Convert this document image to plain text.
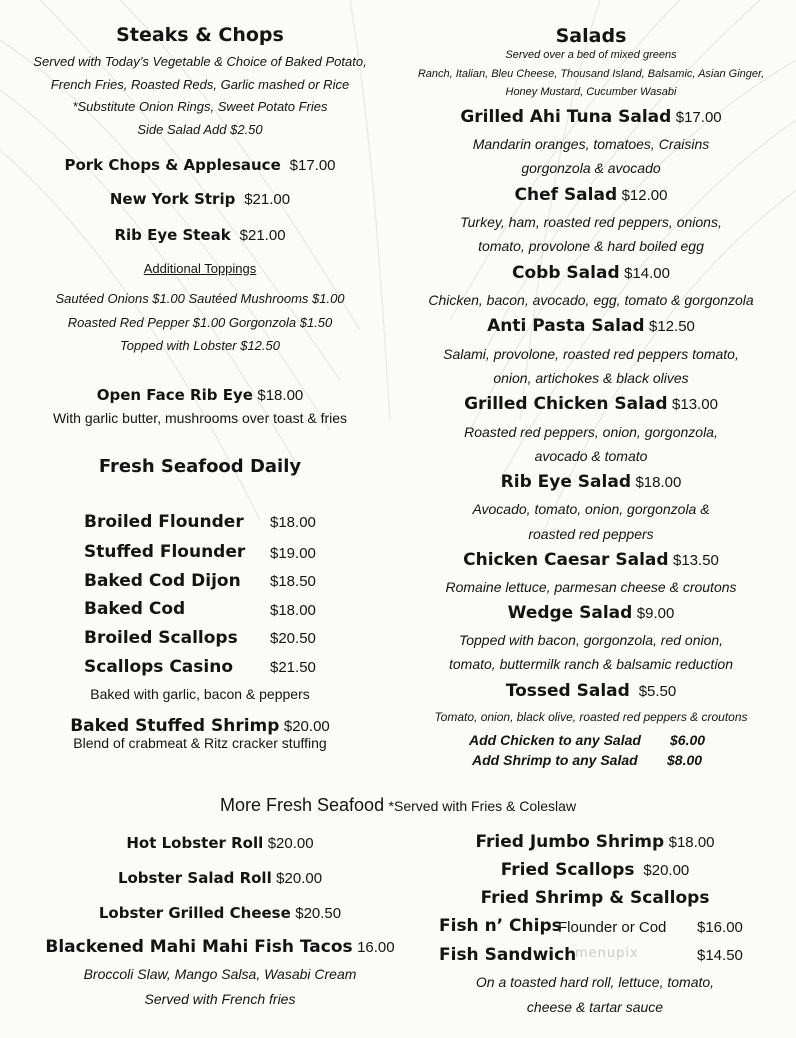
Steaks & Chops
Served with Today’s Vegetable & Choice of Baked Potato,
French Fries, Roasted Reds, Garlic mashed or Rice
*Substitute Onion Rings, Sweet Potato Fries
Side Salad Add $2.50
Pork Chops & Applesauce $17.00
New York Strip $21.00
Rib Eye Steak $21.00
Additional Toppings
Sautéed Onions $1.00 Sautéed Mushrooms $1.00
Roasted Red Pepper $1.00 Gorgonzola $1.50
Topped with Lobster $12.50
Open Face Rib Eye $18.00
With garlic butter, mushrooms over toast & fries
Fresh Seafood Daily
Broiled Flounder $18.00
Stuffed Flounder $19.00
Baked Cod Dijon $18.50
Baked Cod	$18.00
Broiled Scallops $20.50
Scallops Casino $21.50
Baked with garlic, bacon & peppers
Baked Stuffed Shrimp $20.00
Blend of crabmeat & Ritz cracker stuffing
Salads
Served over a bed of mixed greens
Ranch, Italian, Bleu Cheese, Thousand Island, Balsamic, Asian Ginger,
Honey Mustard, Cucumber Wasabi
Grilled Ahi Tuna Salad $17.00
Mandarin oranges, tomatoes, Craisins
gorgonzola & avocado
Chef Salad $12.00
Turkey, ham, roasted red peppers, onions,
tomato, provolone & hard boiled egg
Cobb Salad $14.00
Chicken, bacon, avocado, egg, tomato & gorgonzola
Anti Pasta Salad $12.50
Salami, provolone, roasted red peppers tomato,
onion, artichokes & black olives
Grilled Chicken Salad $13.00
Roasted red peppers, onion, gorgonzola,
avocado & tomato
Rib Eye Salad $18.00
Avocado, tomato, onion, gorgonzola &
roasted red peppers
Chicken Caesar Salad $13.50
Romaine lettuce, parmesan cheese & croutons
Wedge Salad $9.00
Topped with bacon, gorgonzola, red onion,
tomato, buttermilk ranch & balsamic reduction
Tossed Salad $5.50
Tomato, onion, black olive, roasted red peppers & croutons
Add Chicken to any Salad $6.00
Add Shrimp to any Salad $8.00
More Fresh Seafood *Served with Fries & Coleslaw
Hot Lobster Roll $20.00
Lobster Salad Roll $20.00
Lobster Grilled Cheese $20.50
Blackened Mahi Mahi Fish Tacos 16.00
Broccoli Slaw, Mango Salsa, Wasabi Cream
Served with French fries
Fried Jumbo Shrimp $18.00
Fried Scallops $20.00
Fried Shrimp & Scallops
Fish n’ Chips
Flounder or Cod $16.00
Fish Sandwich
menupix	$14.50
On a toasted hard roll, lettuce, tomato,
cheese & tartar sauce
